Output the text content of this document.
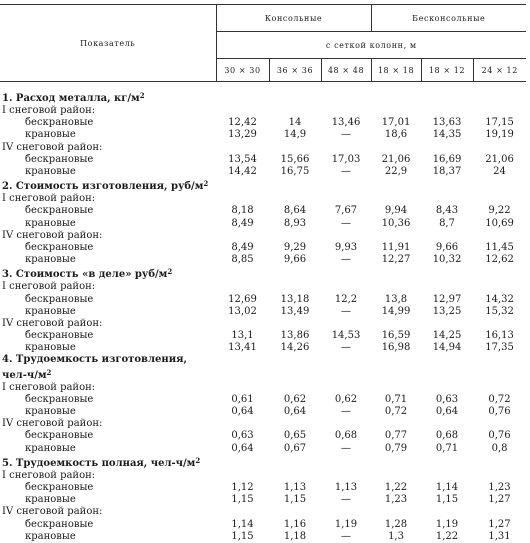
Показатель	Консольные			Бесконсольные		
	с сеткой колонн, м					
	30 × 30	36 × 36	48 × 48	18 × 18	18 × 12	24 × 12
1. Расход металла, $кг/м^2$
I снеговой район:						
бескрановые	12,42	14	13,46	17,01	13,63	17,15
крановые	13,29	14,9	—	18,6	14,35	19,19
IV снеговой район:						
бескрановые	13,54	15,66	17,03	21,06	16,69	21,06
крановые	14,42	16,75	—	22,9	18,37	24
2. Стоимость изготовления, руб/$м^2$
I снеговой район:						
бескрановые	8,18	8,64	7,67	9,94	8,43	9,22
крановые	8,49	8,93	—	10,36	8,7	10,69
IV снеговой район:						
бескрановые	8,49	9,29	9,93	11,91	9,66	11,45
крановые	8,85	9,66	—	12,27	10,32	12,62
3. Стоимость «в деле» руб/$м^2$
I снеговой район:						
бескрановые	12,69	13,18	12,2	13,8	12,97	14,32
крановые	13,02	13,49	—	14,99	13,25	15,32
IV снеговой район:						
бескрановые	13,1	13,86	14,53	16,59	14,25	16,13
крановые	13,41	14,26	—	16,98	14,94	17,35
4. Трудоемкость изготовления,						
чел-$ч/м^2$
I снеговой район:						
бескрановые	0,61	0,62	0,62	0,71	0,63	0,72
крановые	0,64	0,64	—	0,72	0,64	0,76
IV снеговой район:						
бескрановые	0,63	0,65	0,68	0,77	0,68	0,76
крановые	0,64	0,67	—	0,79	0,71	0,8
5. Трудоемкость полная, чел-$ч/м^2$
I снеговой район:						
бескрановые	1,12	1,13	1,13	1,22	1,14	1,23
крановые	1,15	1,15	—	1,23	1,15	1,27
IV снеговой район:						
бескрановые	1,14	1,16	1,19	1,28	1,19	1,27
крановые	1,15	1,18	—	1,3	1,22	1,31
